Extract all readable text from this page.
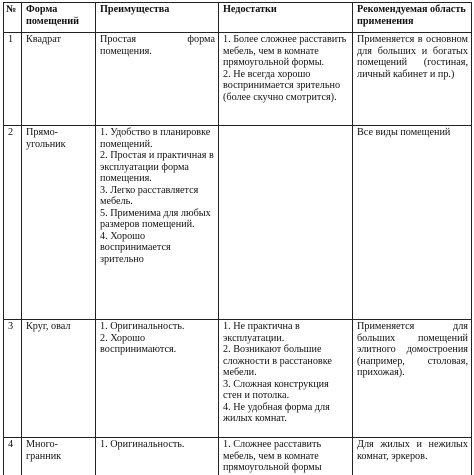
№	Форма помещений	Преимущества	Недостатки	Рекомендуемая область применения
1	Квадрат	Простая формa помещения.	1. Более сложнее расставить мебель, чем в комнате прямоугольной формы.
2. Не всегда хорошо воспринимается зрительно (более скучно смотрится).	Применяется в основном для больших и богатых помещений (гостиная, личный кабинет и пр.)
2	Прямо-угольник	1. Удобство в планировке помещений.
2. Простая и практичная в эксплуатации форма помещения.
3. Легко расставляется мебель.
5. Применима для любых размеров помещений.
4. Хорошо воспринимается зрительно		Все виды помещений
3	Круг, овал	1. Оригинальность.
2. Хорошо воспринимаются.	1. Не практична в эксплуатации.
2. Возникают большие сложности в расстановке мебели.
3. Сложная конструкция стен и потолка.
4. Не удобная форма для жилых комнат.	Применяется для больших помещений элитного домостроения (например, столовая, прихожая).
4	Много-гранник	1. Оригинальность.	1. Сложнее расставить мебель, чем в комнате прямоугольной формы	Для жилых и нежилых комнат, эркеров.
